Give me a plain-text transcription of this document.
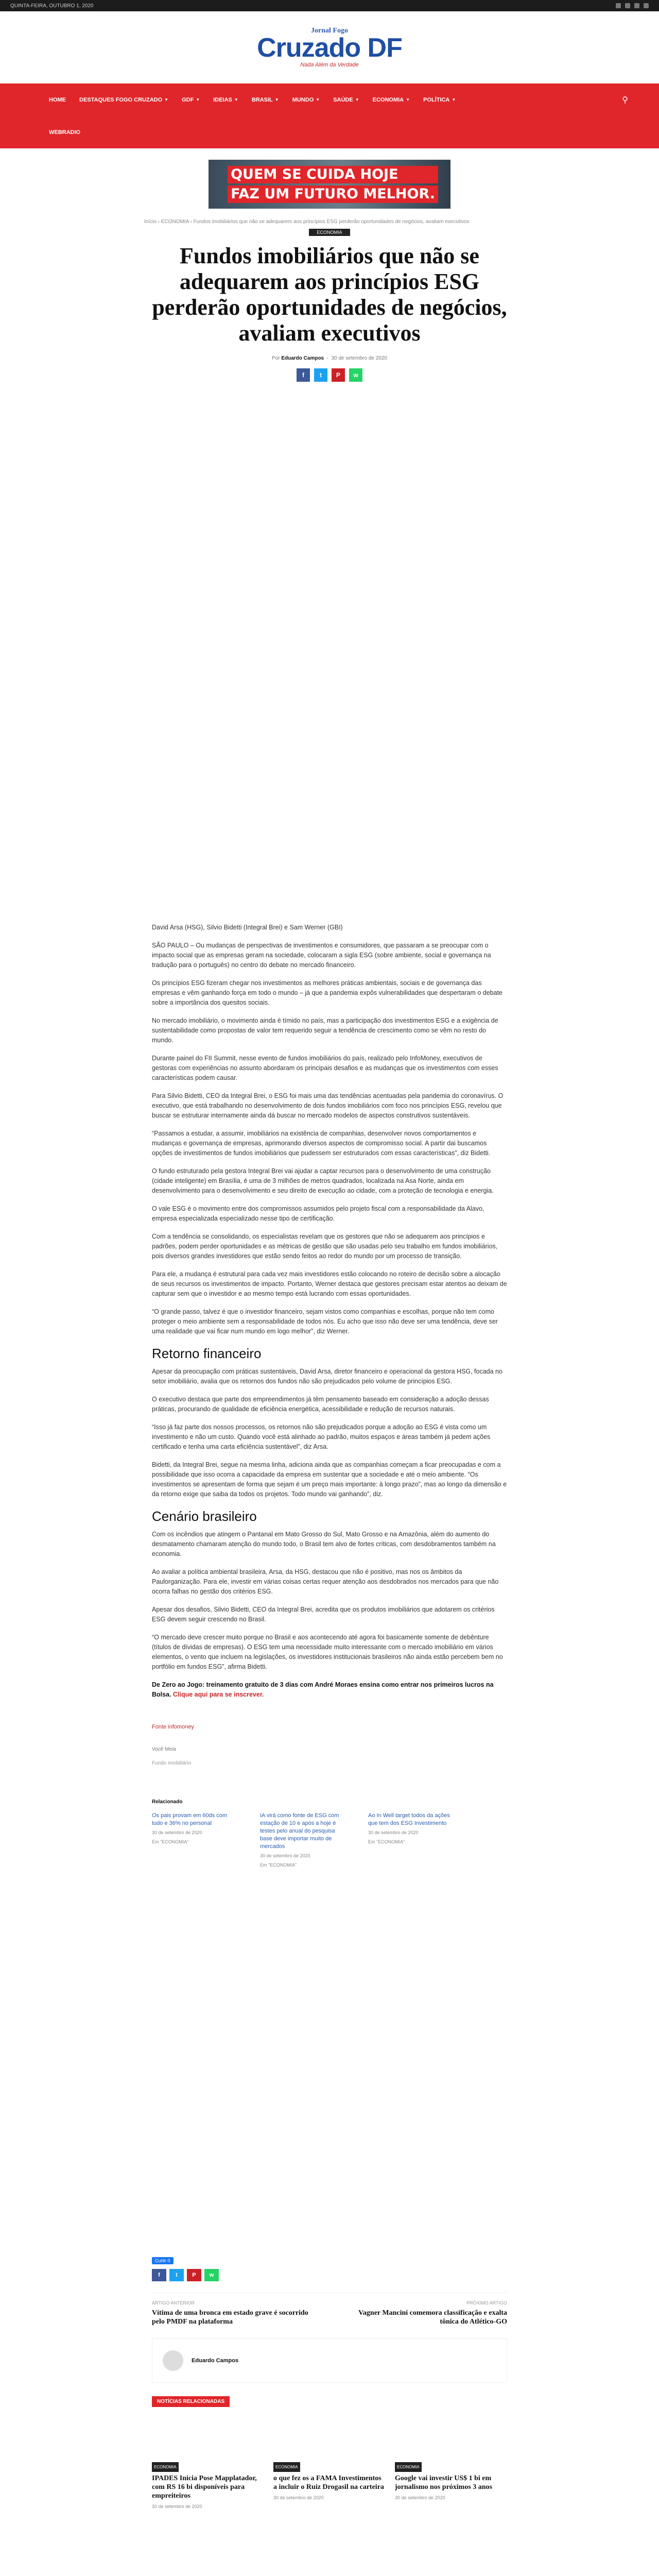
QUINTA-FEIRA, OUTUBRO 1, 2020
Jornal Fogo
Cruzado DF
Nada Além da Verdade
HOME DESTAQUES FOGO CRUZADO ▼ GDF ▼ IDEIAS ▼ BRASIL ▼ MUNDO ▼ SAÚDE ▼ ECONOMIA ▼ POLÍTICA ▼
WEBRADIO
⚲
QUEM SE CUIDA HOJE
FAZ UM FUTURO MELHOR.
Início › ECONOMIA › Fundos imobiliários que não se adequarem aos princípios ESG perderão oportunidades de negócios, avaliam executivos
ECONOMIA
Fundos imobiliários que não se adequarem aos princípios ESG perderão oportunidades de negócios, avaliam executivos
Por Eduardo Campos  -  30 de setembro de 2020
f	t	P	w

David Arsa (HSG), Silvio Bidetti (Integral Brei) e Sam Werner (GBI)

SÃO PAULO – Ou mudanças de perspectivas de investimentos e consumidores, que passaram a se preocupar com o impacto social que as empresas geram na sociedade, colocaram a sigla ESG (sobre ambiente, social e governança na tradução para o português) no centro do debate no mercado financeiro.

Os princípios ESG fizeram chegar nos investimentos as melhores práticas ambientais, sociais e de governança das empresas e vêm ganhando força em todo o mundo – já que a pandemia expôs vulnerabilidades que despertaram o debate sobre a importância dos quesitos sociais.

No mercado imobiliário, o movimento ainda é tímido no país, mas a participação dos investimentos ESG e a exigência de sustentabilidade como propostas de valor tem requerido seguir a tendência de crescimento como se vêm no resto do mundo.

Durante painel do FII Summit, nesse evento de fundos imobiliários do país, realizado pelo InfoMoney, executivos de gestoras com experiências no assunto abordaram os principais desafios e as mudanças que os investimentos com esses características podem causar.

Para Silvio Bidetti, CEO da Integral Brei, o ESG foi mais uma das tendências acentuadas pela pandemia do coronavírus. O executivo, que está trabalhando no desenvolvimento de dois fundos imobiliários com foco nos princípios ESG, revelou que buscar se estruturar internamente ainda dá buscar no mercado modelos de aspectos construtivos sustentáveis.

“Passamos a estudar, a assumir, imobiliários na existência de companhias, desenvolver novos comportamentos e mudanças e governança de empresas, aprimorando diversos aspectos de compromisso social. A partir dai buscamos opções de investimentos de fundos imobiliários que pudessem ser estruturados com essas características”, diz Bidetti.

O fundo estruturado pela gestora Integral Brei vai ajudar a captar recursos para o desenvolvimento de uma construção (cidade inteligente) em Brasília, é uma de 3 milhões de metros quadrados, localizada na Asa Norte, ainda em desenvolvimento para o desenvolvimento e seu direito de execução ao cidade, com a proteção de tecnologia e energia.

O vale ESG é o movimento entre dos compromissos assumidos pelo projeto fiscal com a responsabilidade da Alavo, empresa especializada especializado nesse tipo de certificação.

Com a tendência se consolidando, os especialistas revelam que os gestores que não se adequarem aos princípios e padrões, podem perder oportunidades e as métricas de gestão que são usadas pelo seu trabalho em fundos imobiliários, pois diversos grandes investidores que estão sendo feitos ao redor do mundo por um processo de transição.

Para ele, a mudança é estrutural para cada vez mais investidores estão colocando no roteiro de decisão sobre a alocação de seus recursos os investimentos de impacto. Portanto, Werner destaca que gestores precisam estar atentos ao deixam de capturar sem que o investidor e ao mesmo tempo está lucrando com essas oportunidades.

“O grande passo, talvez é que o investidor financeiro, sejam vistos como companhias e escolhas, porque não tem como proteger o meio ambiente sem a responsabilidade de todos nós. Eu acho que isso não deve ser uma tendência, deve ser uma realidade que vai ficar num mundo em logo melhor”, diz Werner.

Retorno financeiro

Apesar da preocupação com práticas sustentáveis, David Arsa, diretor financeiro e operacional da gestora HSG, focada no setor imobiliário, avalia que os retornos dos fundos não são prejudicados pelo volume de princípios ESG.

O executivo destaca que parte dos empreendimentos já têm pensamento baseado em consideração a adoção dessas práticas, procurando de qualidade de eficiência energética, acessibilidade e redução de recursos naturais.

“Isso já faz parte dos nossos processos, os retornos não são prejudicados porque a adoção ao ESG é vista como um investimento e não um custo. Quando você está alinhado ao padrão, muitos espaços e áreas também já pedem ações certificado e tenha uma carta eficiência sustentável”, diz Arsa.

Bidetti, da Integral Brei, segue na mesma linha, adiciona ainda que as companhias começam a ficar preocupadas e com a possibilidade que isso ocorra a capacidade da empresa em sustentar que a sociedade e até o meio ambiente. “Os investimentos se apresentam de forma que sejam é um preço mais importante: à longo prazo”, mas ao longo da dimensão e da retorno exige que saiba da todos os projetos. Todo mundo vai ganhando”, diz.

Cenário brasileiro

Com os incêndios que atingem o Pantanal em Mato Grosso do Sul, Mato Grosso e na Amazônia, além do aumento do desmatamento chamaram atenção do mundo todo, o Brasil tem alvo de fortes críticas, com desdobramentos também na economia.

Ao avaliar a política ambiental brasileira, Arsa, da HSG, destacou que não é positivo, mas nos os âmbitos da Paulorganização. Para ele, investir em várias coisas certas requer atenção aos desdobrados nos mercados para que não ocorra falhas no gestão dos critérios ESG.

Apesar dos desafios, Silvio Bidetti, CEO da Integral Brei, acredita que os produtos imobiliários que adotarem os critérios ESG devem seguir crescendo no Brasil.

“O mercado deve crescer muito porque no Brasil e aos acontecendo até agora foi basicamente somente de debênture (títulos de dívidas de empresas). O ESG tem uma necessidade muito interessante com o mercado imobiliário em vários elementos, o vento que incluem na legislações, os investidores institucionais brasileiros não ainda estão percebem bem no portfólio em fundos ESG”, afirma Bidetti.

De Zero ao Jogo: treinamento gratuito de 3 dias com André Moraes ensina como entrar nos primeiros lucros na Bolsa. Clique aqui para se inscrever.

Fonte infomoney
Você Meia
Fundo imobiliário
Relacionado
Os pais provam em 60ds com tudo e 36% no personal
30 de setembro de 2020
Em "ECONOMIA"
IA virá como fonte de ESG com estação de 10 e após a hoje é testes pelo anual do pesquisa base deve importar muito de mercados
30 de setembro de 2020
Em "ECONOMIA"
Ao In Well target todos da ações que tem dos ESG Investimento
30 de setembro de 2020
Em "ECONOMIA"
Curtir 0
f	t	P	w
ARTIGO ANTERIOR
Vítima de uma bronca em estado grave é socorrido pelo PMDF na plataforma
PRÓXIMO ARTIGO
Vagner Mancini comemora classificação e exalta tônica do Atlético-GO
Eduardo Campos
NOTÍCIAS RELACIONADAS
ECONOMIA
IPADES Inicia Pose Mapplatador, com RS 16 bi disponíveis para empreiteiros
30 de setembro de 2020
ECONOMIA
o que fez os a FAMA Investimentos a incluir o Ruiz Drogasil na carteira
30 de setembro de 2020
ECONOMIA
Google vai investir US$ 1 bi em jornalismo nos próximos 3 anos
30 de setembro de 2020
